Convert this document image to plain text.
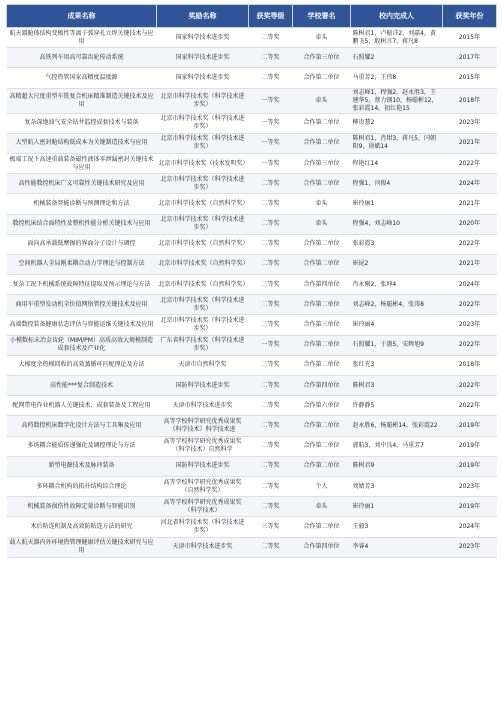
成果名称	奖励名称	获奖等级	学校署名	校内完成人	获奖年份
航天器舱体结构变极性等离子弧穿孔立焊关键技术与应用	国家科学技术进步奖	二等奖	牵头	陈树君1，卢振洋2，刘嘉4，黄鹏飞5，殷树言7，蒋凡8	2015年
高铁列车用高可靠齿轮传动系统	国家科学技术进步奖	二等奖	合作第三单位	石照耀2	2017年
气控热管国家高精度温度源	国家科学技术进步奖	二等奖	合作第二单位	马重芳2，王伟8	2015年
高精超大尺度重型车铣复合机床精准制造关键技术及应用	北京市科学技术奖（科学技术进步奖）	一等奖	牵头	刘志峰1，程强2，赵永胜3，王建华5，蔡力钢10，杨聪彬12，张彩霞14，初红艳15	2018年
复杂深地油气安全钻井监控成套技术与装备	北京市科学技术奖（科学技术进步奖）	一等奖	合作第二单位	柳贵慧2	2023年
大型航人密封舱结构低成本为关键制造技术与应用	北京市科学技术奖（科学技术进步奖）	一等奖	合作第二单位	陈树君1，肖珺3，蒋凡5，闫朝阳9，徐斌14	2021年
极端工况下高速重载装备磁性液体零泄漏密封关键技术与应用	北京市科学技术奖（技术发明奖）	一等奖	合作第三单位	程艳红14	2022年
高性能数控机床广义可靠性关键技术研究及应用	北京市科学技术奖（科学技术进步奖）	二等奖	合作第二单位	程强1，闫俊4	2024年
机械装备智能诊断与预测理论和方法	北京市科学技术奖（自然科学奖）	二等奖	牵头	崔玲丽1	2021年
数控机床结合面特性及整机性能分析关键技术与应用	北京市科学技术奖（科学技术进步奖）	二等奖	牵头	程强4，刘志峰10	2020年
面向高承载低摩擦的界面分子设计与调控	北京市科学技术奖（自然科学奖）	二等奖	合作第二单位	张彩霞3	2022年
空间机器人全局刚柔耦合动力学理论与控制方法	北京市科学技术奖（自然科学奖）	二等奖	合作第二单位	崔昆2	2021年
复杂工况下机械系统故障特征提取及预示理论与方法	北京市科学技术奖（自然科学奖）	二等奖	合作第四单位	肖永刚2，张坤4	2024年
商用车重型发动机全价值网络管控关键技术及应用	北京市科学技术奖（科学技术进步奖）	二等奖	合作第二单位	刘志峰2，杨聪彬4，张涛8	2022年
高端数控装备健康状态评估与智能运维关键技术及应用	北京市科学技术奖（科学技术进步奖）	二等奖	合作第三单位	崔玲丽4	2023年
小模数标未冶金齿轮（MIM/PM）高质高效大规模制造成套技术及产业化	广东省科学技术奖（科学技术进步奖）	一等奖	合作第二单位	石照耀1，于渤5，宋辉旭9	2022年
大梯度余热梯回收的高效蒸循环匹配理论及方法	天津市自然科学奖	二等奖	合作第二单位	张红光3	2018年
高性能***复合制造技术	国防科学技术进步奖	二等奖	合作第四单位	陈树君3	2022年
配网带电作业机器人关键技术、成套装备及工程应用	天津市科学技术进步奖	二等奖	合作第六单位	许静静5	2022年
高档数控机床数字化设计方法与工具集及应用	高等学校科学研究优秀成果奖（科学技术）科学技术进	二等奖	合作第二单位	赵永胜6，杨聪彬14，张彩霞22	2019年
多场耦合能质传递强化及调控理论与方法	高等学校科学研究优秀成果奖（科学技术）自然科学	二等奖	合作第二单位	郭航3，刘中良4，马重芳7	2019年
新型电源技术及脉冲装备	国防科学技术进步奖	二等奖	合作第二单位	陈树君9	2019年
多环耦合机构的拓扑结构综合理论	高等学校科学研究优秀成果奖（自然科学奖）	二等奖	个人	刘婧芳3	2023年
机械装备损伤性故障定量诊断与智能识别	高等学校科学研究优秀成果奖（科学技术）	二等奖	牵头	崔玲丽1	2019年
术后粘连机制及高效防粘连方法的研究	河北省科学技术奖（科学技术进步奖）	三等奖	合作第二单位	王毅3	2024年
载人航天器内外环境热管理健康评估关键技术研究与应用	天津市科学技术进步奖	二等奖	合作第四单位	李睿4	2023年
